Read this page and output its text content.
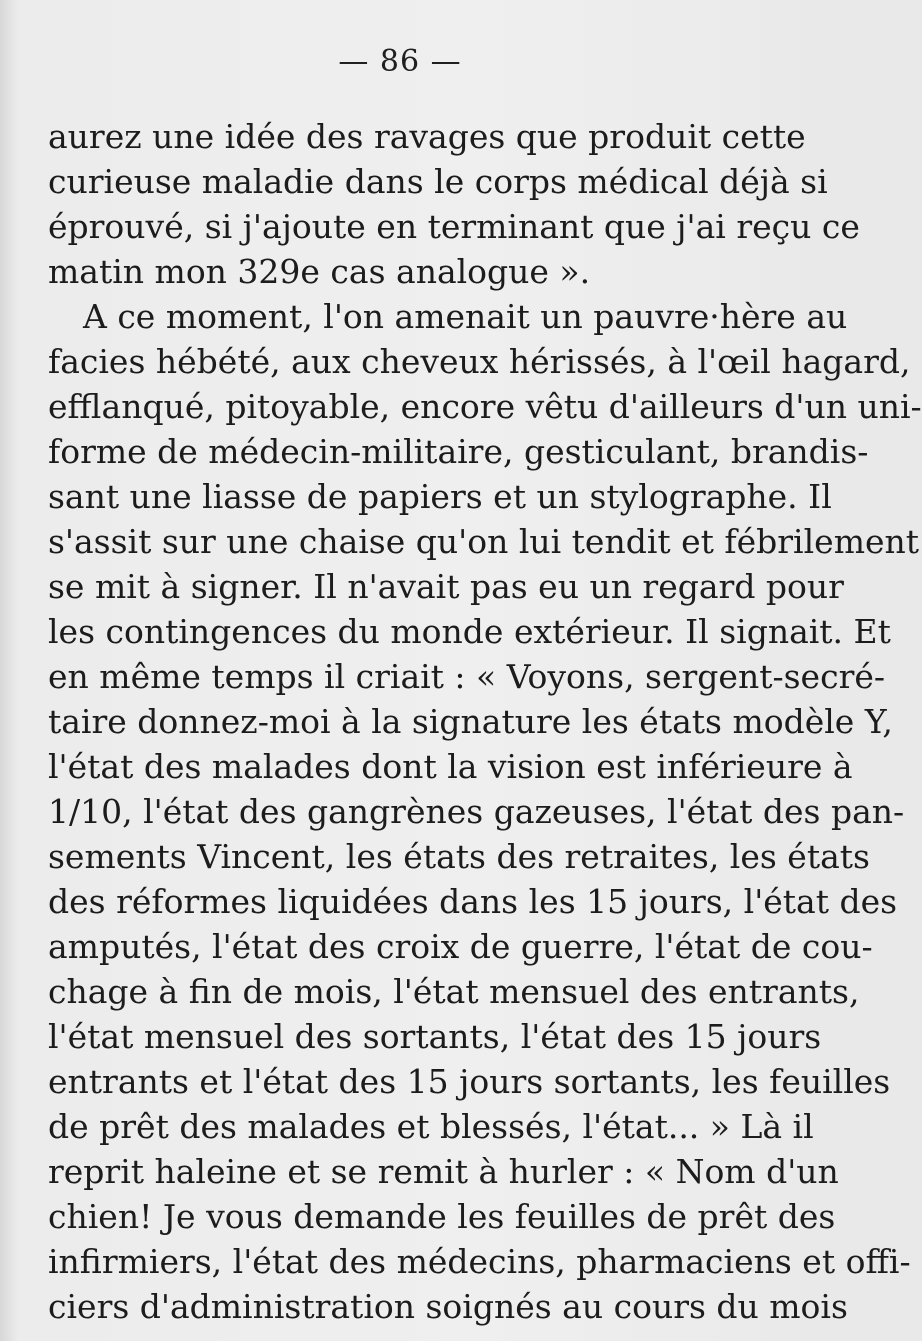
— 86 —
aurez une idée des ravages que produit cette
curieuse maladie dans le corps médical déjà si
éprouvé, si j'ajoute en terminant que j'ai reçu ce
matin mon 329e cas analogue ».
A ce moment, l'on amenait un pauvre·hère au
facies hébété, aux cheveux hérissés, à l'œil hagard,
efflanqué, pitoyable, encore vêtu d'ailleurs d'un uni-
forme de médecin-militaire, gesticulant, brandis-
sant une liasse de papiers et un stylographe. Il
s'assit sur une chaise qu'on lui tendit et fébrilement
se mit à signer. Il n'avait pas eu un regard pour
les contingences du monde extérieur. Il signait. Et
en même temps il criait : « Voyons, sergent-secré-
taire donnez-moi à la signature les états modèle Y,
l'état des malades dont la vision est inférieure à
1/10, l'état des gangrènes gazeuses, l'état des pan-
sements Vincent, les états des retraites, les états
des réformes liquidées dans les 15 jours, l'état des
amputés, l'état des croix de guerre, l'état de cou-
chage à fin de mois, l'état mensuel des entrants,
l'état mensuel des sortants, l'état des 15 jours
entrants et l'état des 15 jours sortants, les feuilles
de prêt des malades et blessés, l'état... » Là il
reprit haleine et se remit à hurler : « Nom d'un
chien! Je vous demande les feuilles de prêt des
infirmiers, l'état des médecins, pharmaciens et offi-
ciers d'administration soignés au cours du mois
